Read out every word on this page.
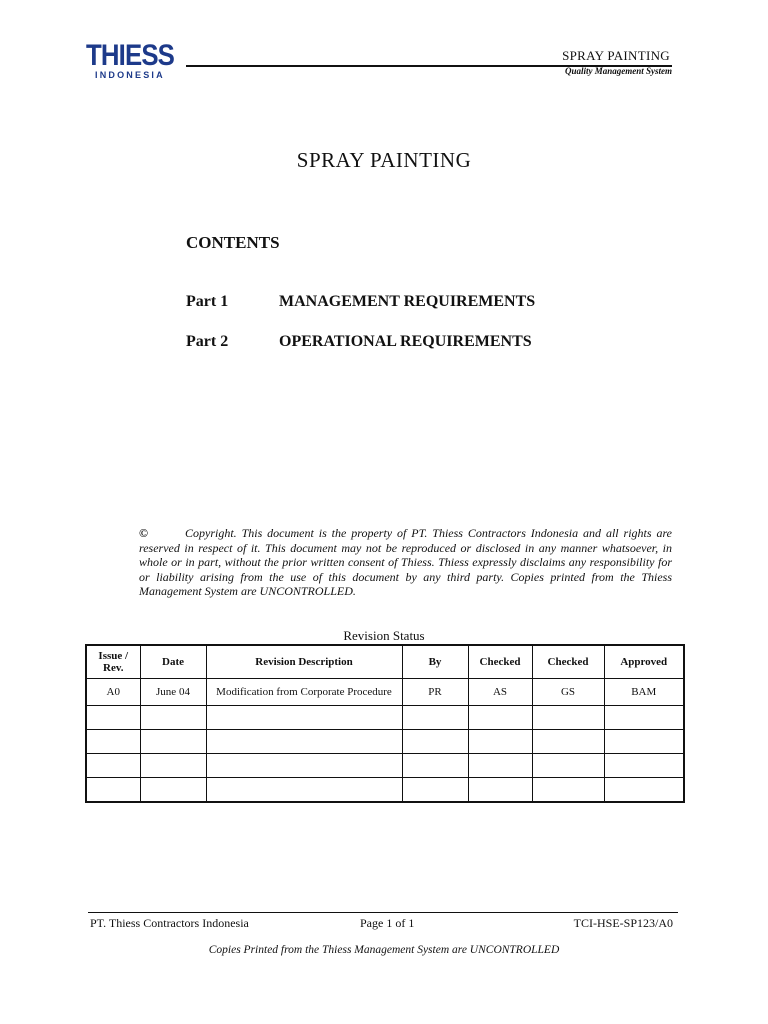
THIESS
INDONESIA
SPRAY PAINTING
Quality Management System
SPRAY PAINTING
CONTENTS
Part 1	MANAGEMENT REQUIREMENTS
Part 2	OPERATIONAL REQUIREMENTS
©	Copyright. This document is the property of PT. Thiess Contractors Indonesia and all rights are reserved in respect of it. This document may not be reproduced or disclosed in any manner whatsoever, in whole or in part, without the prior written consent of Thiess. Thiess expressly disclaims any responsibility for or liability arising from the use of this document by any third party. Copies printed from the Thiess Management System are UNCONTROLLED.
Revision Status
Issue / Rev.	Date	Revision Description	By	Checked	Checked	Approved
A0	June 04	Modification from Corporate Procedure	PR	AS	GS	BAM

PT. Thiess Contractors Indonesia	Page 1 of 1	TCI-HSE-SP123/A0
Copies Printed from the Thiess Management System are UNCONTROLLED
